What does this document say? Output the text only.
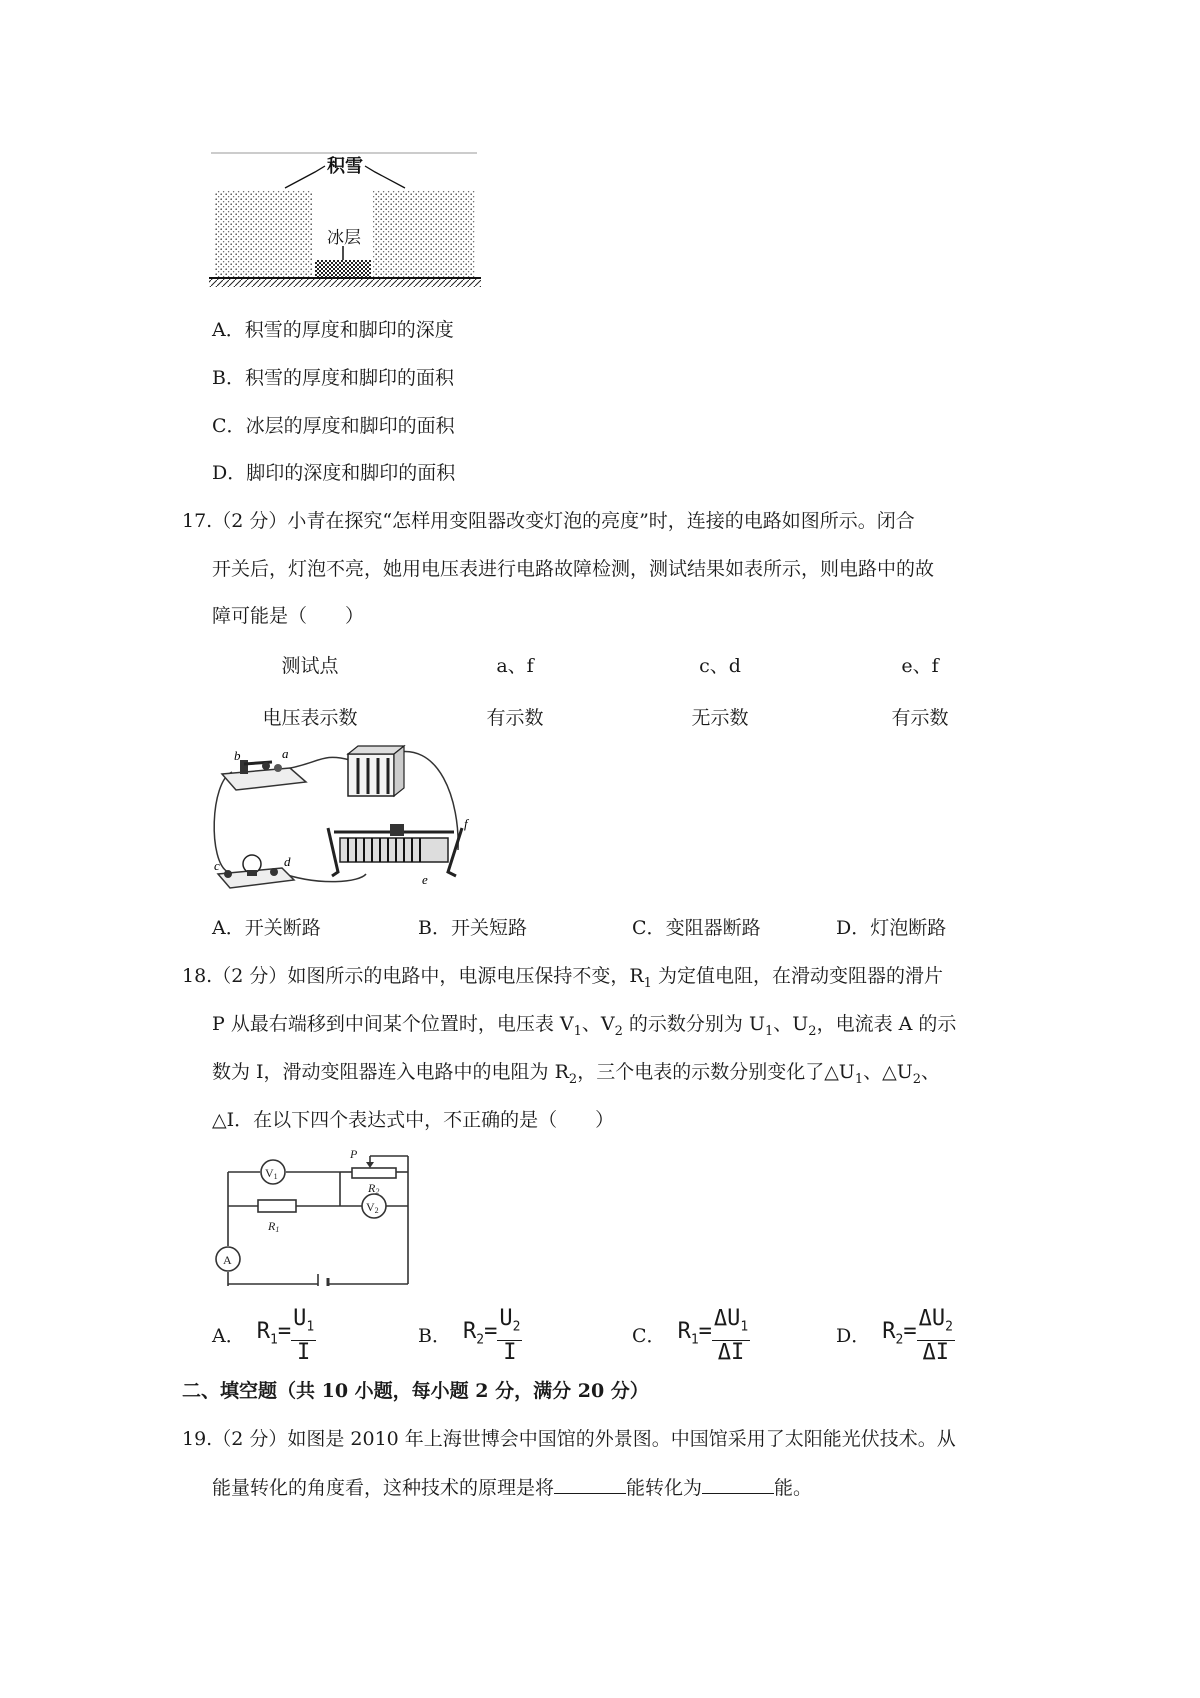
积雪
冰层
A．积雪的厚度和脚印的深度
B．积雪的厚度和脚印的面积
C．冰层的厚度和脚印的面积
D．脚印的深度和脚印的面积
17.（2 分）小青在探究“怎样用变阻器改变灯泡的亮度”时，连接的电路如图所示。闭合
开关后，灯泡不亮，她用电压表进行电路故障检测，测试结果如表所示，则电路中的故
障可能是（　　）
测试点	a、f	c、d	e、f
电压表示数	有示数	无示数	有示数
b	a
c	d
e
f
A．开关断路	B．开关短路	C．变阻器断路	D．灯泡断路
18.（2 分）如图所示的电路中，电源电压保持不变，$R_1$ 为定值电阻，在滑动变阻器的滑片
P 从最右端移到中间某个位置时，电压表 $V_1$、$V_2$ 的示数分别为 $U_1$、$U_2$，电流表 A 的示
数为 I，滑动变阻器连入电路中的电阻为 $R_2$，三个电表的示数分别变化了$\triangle U_1$、$\triangle U_2$、
△I．在以下四个表达式中，不正确的是（　　）
V1
V2
A
R1
R2
P
A ． $R_1= \frac{U_1}{I}$	B ． $R_2= \frac{U_2}{I}$	C ． $R_1= \frac{\Delta U_1}{\Delta I}$	D ． $R_2= \frac{\Delta U_2}{\Delta I}$
二、填空题（共 10 小题，每小题 2 分，满分 20 分）
19.（2 分）如图是 2010 年上海世博会中国馆的外景图。中国馆采用了太阳能光伏技术。从
能量转化的角度看，这种技术的原理是将	能转化为	能。
